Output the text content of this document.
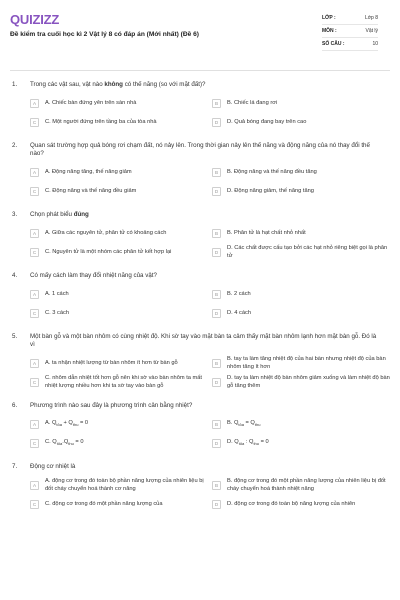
QUIZIZZ
Đề kiểm tra cuối học kì 2 Vật lý 8 có đáp án (Mới nhất) (Đề 6)
LỚP :	Lớp 8
MÔN :	Vật lý
SỐ CÂU :	10
1.	Trong các vật sau, vật nào không có thế năng (so với mặt đất)?
A	A. Chiếc bàn đứng yên trên sàn nhà	B	B. Chiếc lá đang rơi
C	C. Một người đứng trên tầng ba của tòa nhà	D	D. Quả bóng đang bay trên cao
2.	Quan sát trường hợp quả bóng rơi chạm đất, nó nảy lên. Trong thời gian nảy lên thế năng và động năng của nó thay đổi thế nào?
A	A. Động năng tăng, thế năng giảm	B	B. Động năng và thế năng đều tăng
C	C. Động năng và thế năng đều giảm	D	D. Động năng giảm, thế năng tăng
3.	Chọn phát biểu đúng
A	A. Giữa các nguyên tử, phân tử có khoảng cách	B	B. Phân tử là hạt chất nhỏ nhất
C	C. Nguyên tử là một nhóm các phân tử kết hợp lại	D
D. Các chất được cấu tạo bởi các hạt nhỏ riêng biệt gọi là phân tử
4.	Có mấy cách làm thay đổi nhiệt năng của vật?
A	A. 1 cách	B	B. 2 cách
C	C. 3 cách	D	D. 4 cách
5.	Một bàn gỗ và một bàn nhôm có cùng nhiệt độ. Khi sờ tay vào mặt bàn ta cảm thấy mặt bàn nhôm lạnh hơn mặt bàn gỗ. Đó là vì
A	A. ta nhận nhiệt lượng từ bàn nhôm ít hơn từ bàn gỗ	B
B. tay ta làm tăng nhiệt độ của hai bàn nhưng nhiệt độ của bàn nhôm tăng ít hơn
C
C. nhôm dẫn nhiệt tốt hơn gỗ nên khi sờ vào bàn nhôm ta mất nhiệt lượng nhiều hơn khi ta sờ tay vào bàn gỗ	D
D. tay ta làm nhiệt độ bàn nhôm giảm xuống và làm nhiệt độ bàn gỗ tăng thêm
6.	Phương trình nào sau đây là phương trình cân bằng nhiệt?
A	A. $Q_{tỏa} + Q_{thu} = 0$	B	B. $Q_{tỏa} = Q_{thu}$
C	C. $Q_{tỏa}.Q_{thu} = 0$	D	D. $Q_{tỏa}$ : $Q_{thu} = 0$
7.	Động cơ nhiệt là
A
A. động cơ trong đó toàn bộ phần năng lượng của nhiên liệu bị đốt cháy chuyển hoá thành cơ năng	B
B. động cơ trong đó một phần năng lượng của nhiên liệu bị đốt cháy chuyển hoá thành nhiệt năng
C	C. động cơ trong đó một phần năng lượng của	D	D. động cơ trong đó toàn bộ năng lượng của nhiên
